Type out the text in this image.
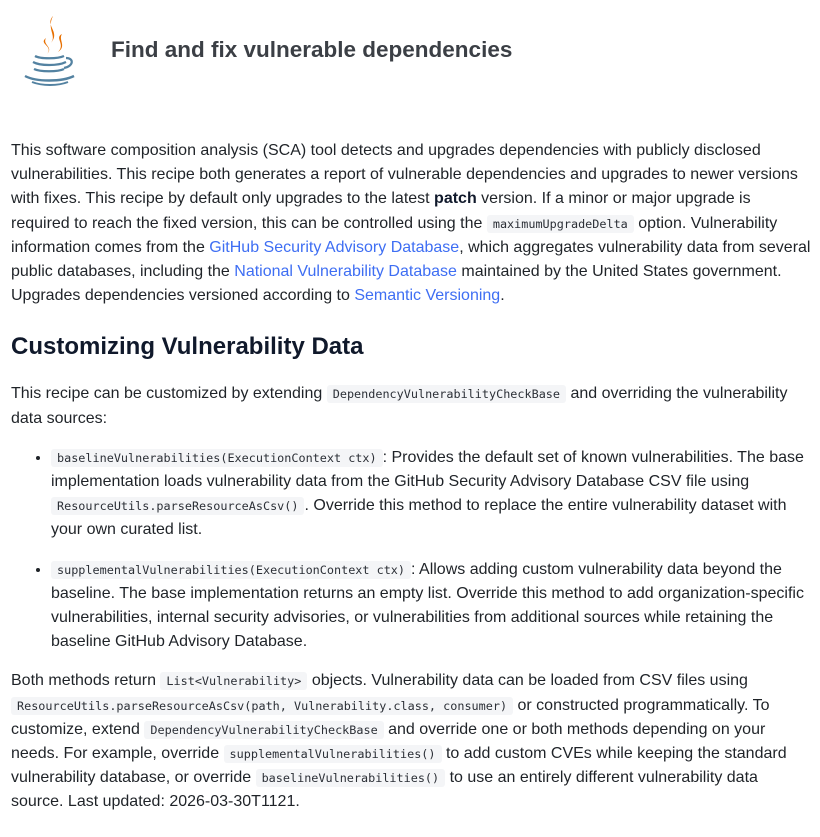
Find and fix vulnerable dependencies

This software composition analysis (SCA) tool detects and upgrades dependencies with publicly disclosed vulnerabilities. This recipe both generates a report of vulnerable dependencies and upgrades to newer versions with fixes. This recipe by default only upgrades to the latest patch version. If a minor or major upgrade is required to reach the fixed version, this can be controlled using the maximumUpgradeDelta option. Vulnerability information comes from the GitHub Security Advisory Database, which aggregates vulnerability data from several public databases, including the National Vulnerability Database maintained by the United States government. Upgrades dependencies versioned according to Semantic Versioning.

Customizing Vulnerability Data

This recipe can be customized by extending DependencyVulnerabilityCheckBase and overriding the vulnerability data sources:

• baselineVulnerabilities(ExecutionContext ctx) : Provides the default set of known vulnerabilities. The base implementation loads vulnerability data from the GitHub Security Advisory Database CSV file using ResourceUtils.parseResourceAsCsv() . Override this method to replace the entire vulnerability dataset with your own curated list.
• supplementalVulnerabilities(ExecutionContext ctx) : Allows adding custom vulnerability data beyond the baseline. The base implementation returns an empty list. Override this method to add organization-specific vulnerabilities, internal security advisories, or vulnerabilities from additional sources while retaining the baseline GitHub Advisory Database.

Both methods return List<Vulnerability> objects. Vulnerability data can be loaded from CSV files using ResourceUtils.parseResourceAsCsv(path, Vulnerability.class, consumer) or constructed programmatically. To customize, extend DependencyVulnerabilityCheckBase and override one or both methods depending on your needs. For example, override supplementalVulnerabilities() to add custom CVEs while keeping the standard vulnerability database, or override baselineVulnerabilities() to use an entirely different vulnerability data source. Last updated: 2026-03-30T1121.
